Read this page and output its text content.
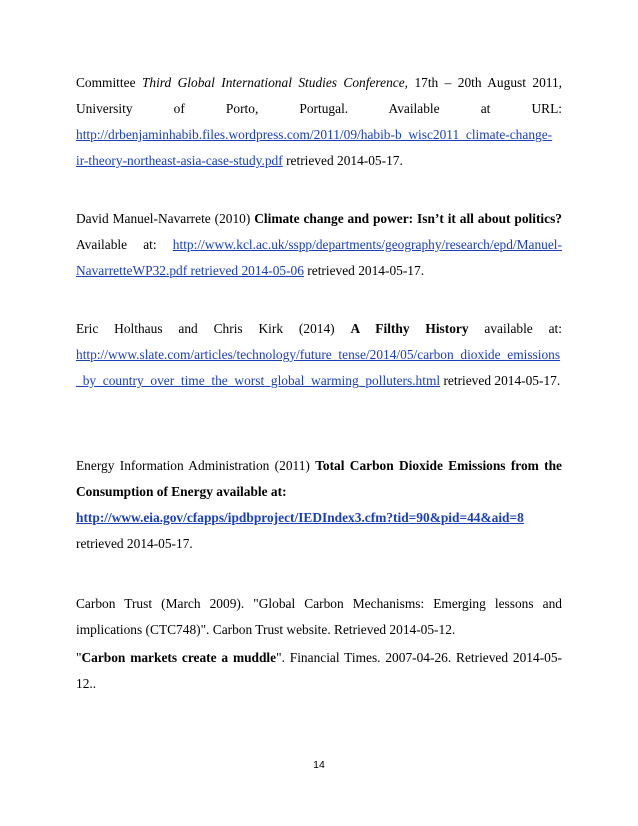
Committee Third Global International Studies Conference, 17th – 20th August 2011, University of Porto, Portugal. Available at URL: http://drbenjaminhabib.files.wordpress.com/2011/09/habib-b_wisc2011_climate-change-ir-theory-northeast-asia-case-study.pdf retrieved 2014-05-17.

David Manuel-Navarrete (2010) Climate change and power: Isn’t it all about politics? Available at: http://www.kcl.ac.uk/sspp/departments/geography/research/epd/Manuel-NavarretteWP32.pdf retrieved 2014-05-06 retrieved 2014-05-17.

Eric Holthaus and Chris Kirk (2014) A Filthy History available at: http://www.slate.com/articles/technology/future_tense/2014/05/carbon_dioxide_emissions_by_country_over_time_the_worst_global_warming_polluters.html retrieved 2014-05-17.

Energy Information Administration (2011) Total Carbon Dioxide Emissions from the Consumption of Energy available at:
http://www.eia.gov/cfapps/ipdbproject/IEDIndex3.cfm?tid=90&pid=44&aid=8
retrieved 2014-05-17.

Carbon Trust (March 2009). "Global Carbon Mechanisms: Emerging lessons and implications (CTC748)". Carbon Trust website. Retrieved 2014-05-12.

"Carbon markets create a muddle". Financial Times. 2007-04-26. Retrieved 2014-05-12..

14
